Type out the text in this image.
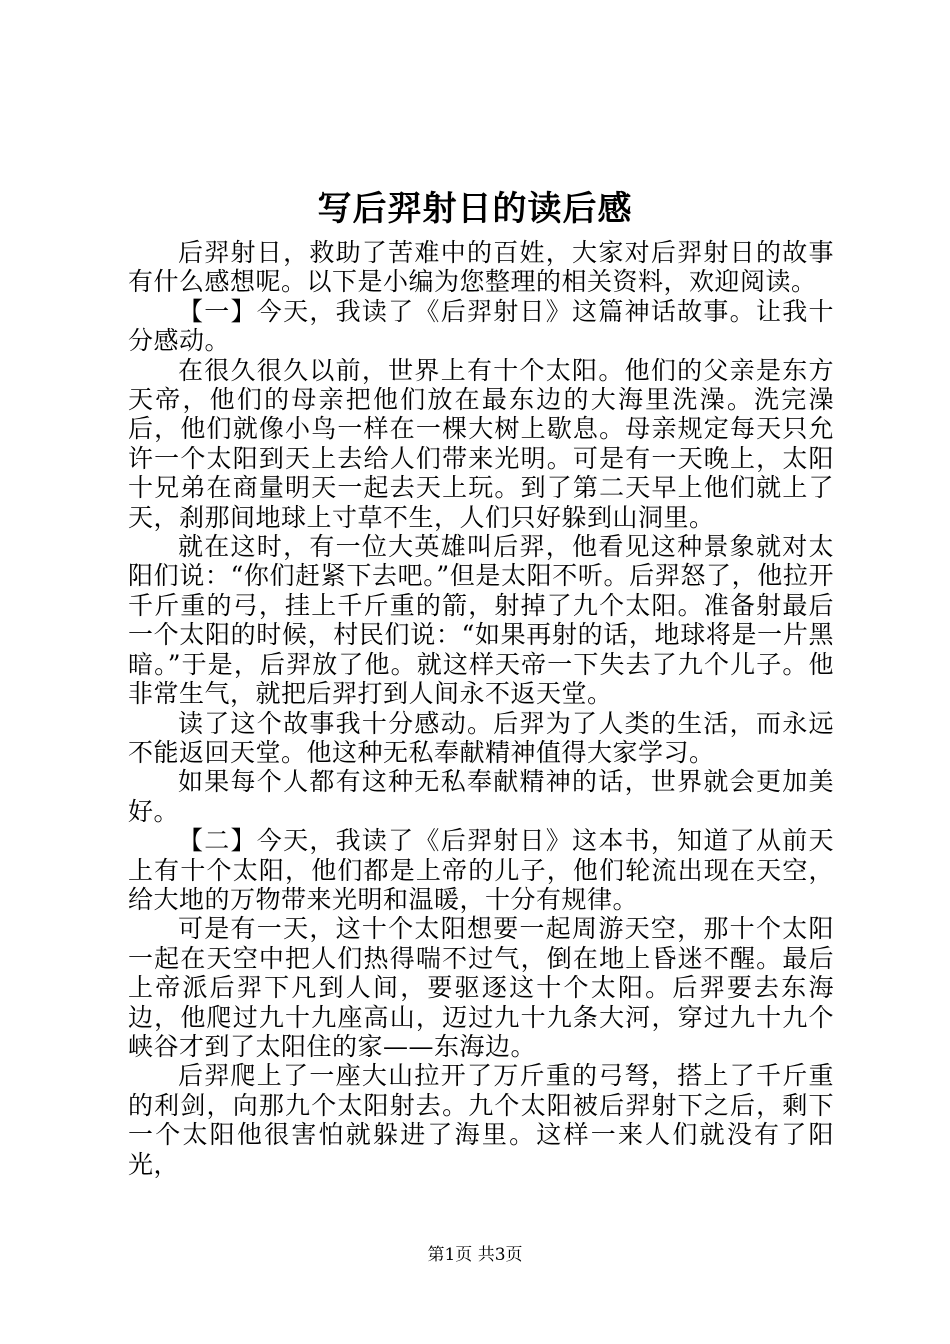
写后羿射日的读后感

后羿射日，救助了苦难中的百姓，大家对后羿射日的故事有什么感想呢。以下是小编为您整理的相关资料，欢迎阅读。

【一】今天，我读了《后羿射日》这篇神话故事。让我十分感动。

在很久很久以前，世界上有十个太阳。他们的父亲是东方天帝，他们的母亲把他们放在最东边的大海里洗澡。洗完澡后，他们就像小鸟一样在一棵大树上歇息。母亲规定每天只允许一个太阳到天上去给人们带来光明。可是有一天晚上，太阳十兄弟在商量明天一起去天上玩。到了第二天早上他们就上了天，刹那间地球上寸草不生，人们只好躲到山洞里。

就在这时，有一位大英雄叫后羿，他看见这种景象就对太阳们说：“你们赶紧下去吧。”但是太阳不听。后羿怒了，他拉开千斤重的弓，挂上千斤重的箭，射掉了九个太阳。准备射最后一个太阳的时候，村民们说：“如果再射的话，地球将是一片黑暗。”于是，后羿放了他。就这样天帝一下失去了九个儿子。他非常生气，就把后羿打到人间永不返天堂。

读了这个故事我十分感动。后羿为了人类的生活，而永远不能返回天堂。他这种无私奉献精神值得大家学习。

如果每个人都有这种无私奉献精神的话，世界就会更加美好。

【二】今天，我读了《后羿射日》这本书，知道了从前天上有十个太阳，他们都是上帝的儿子，他们轮流出现在天空，给大地的万物带来光明和温暖，十分有规律。

可是有一天，这十个太阳想要一起周游天空，那十个太阳一起在天空中把人们热得喘不过气，倒在地上昏迷不醒。最后上帝派后羿下凡到人间，要驱逐这十个太阳。后羿要去东海边，他爬过九十九座高山，迈过九十九条大河，穿过九十九个峡谷才到了太阳住的家——东海边。

后羿爬上了一座大山拉开了万斤重的弓弩，搭上了千斤重的利剑，向那九个太阳射去。九个太阳被后羿射下之后，剩下一个太阳他很害怕就躲进了海里。这样一来人们就没有了阳光，

第1页 共3页
